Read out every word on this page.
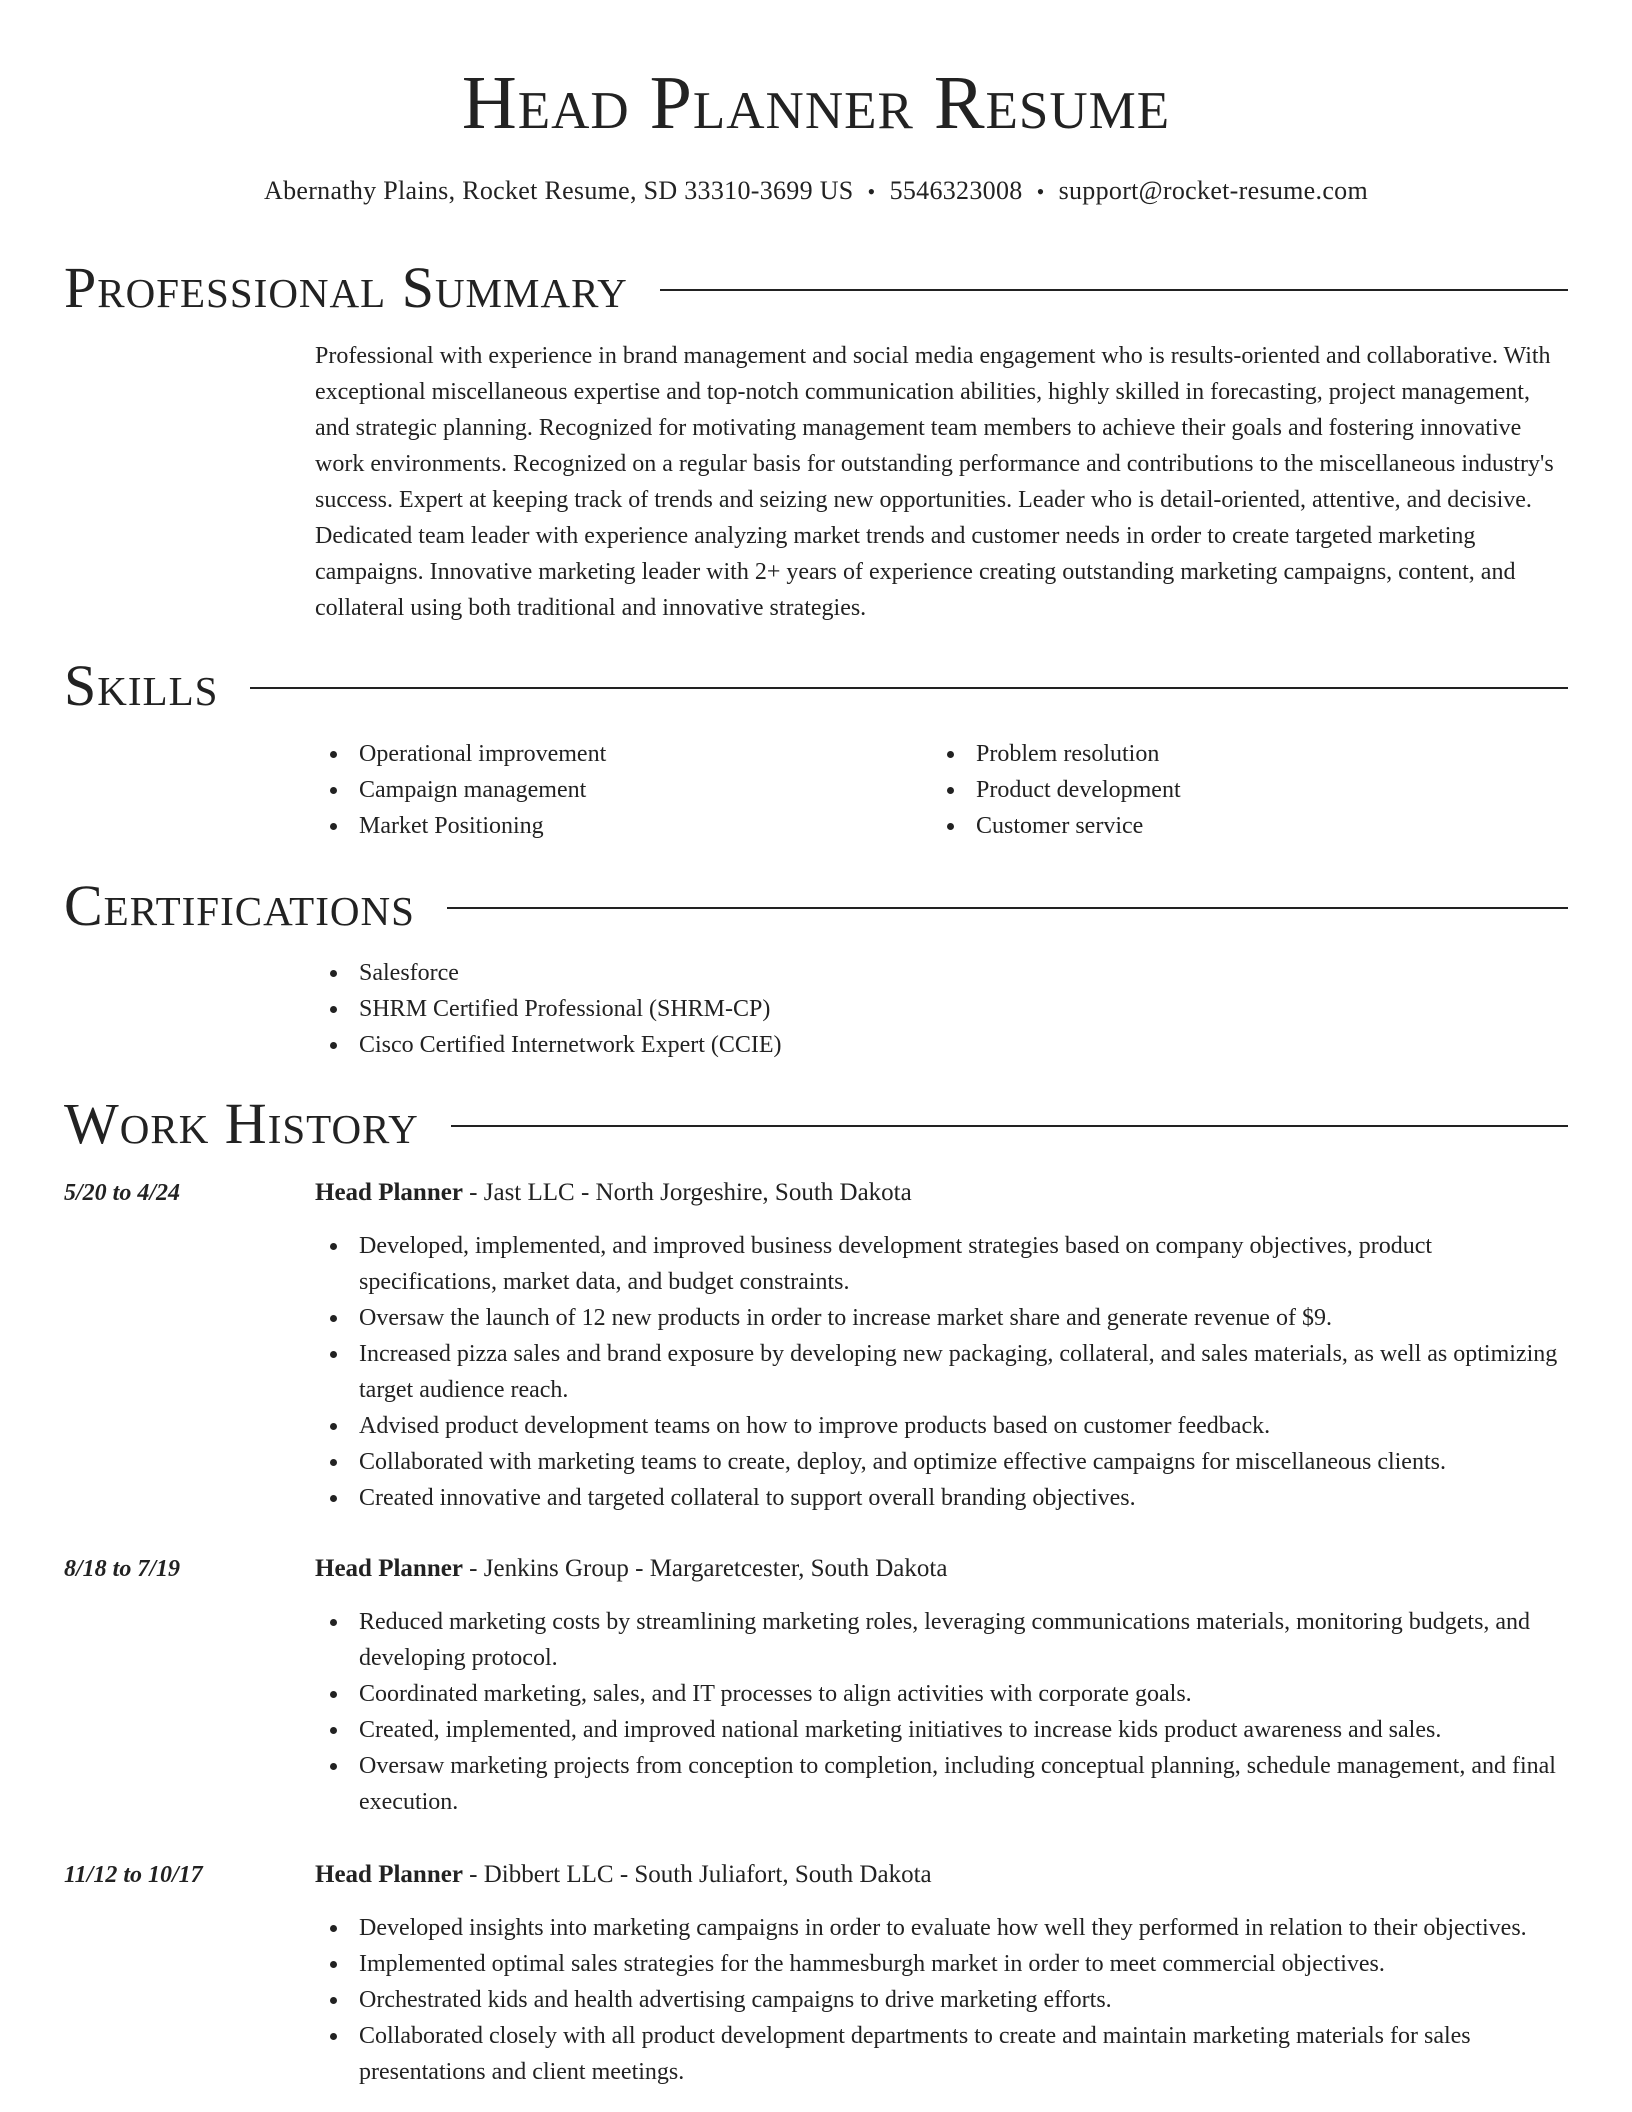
Head Planner Resume
Abernathy Plains, Rocket Resume, SD 33310-3699 US • 5546323008 • support@rocket-resume.com
Professional Summary

Professional with experience in brand management and social media engagement who is results-oriented and collaborative. With exceptional miscellaneous expertise and top-notch communication abilities, highly skilled in forecasting, project management, and strategic planning. Recognized for motivating management team members to achieve their goals and fostering innovative work environments. Recognized on a regular basis for outstanding performance and contributions to the miscellaneous industry's success. Expert at keeping track of trends and seizing new opportunities. Leader who is detail-oriented, attentive, and decisive. Dedicated team leader with experience analyzing market trends and customer needs in order to create targeted marketing campaigns. Innovative marketing leader with 2+ years of experience creating outstanding marketing campaigns, content, and collateral using both traditional and innovative strategies.

Skills
Operational improvement
Campaign management
Market Positioning
Problem resolution
Product development
Customer service
Certifications
Salesforce
SHRM Certified Professional (SHRM-CP)
Cisco Certified Internetwork Expert (CCIE)
Work History
5/20 to 4/24	Head Planner - Jast LLC - North Jorgeshire, South Dakota
Developed, implemented, and improved business development strategies based on company objectives, product specifications, market data, and budget constraints.
Oversaw the launch of 12 new products in order to increase market share and generate revenue of $9.
Increased pizza sales and brand exposure by developing new packaging, collateral, and sales materials, as well as optimizing target audience reach.
Advised product development teams on how to improve products based on customer feedback.
Collaborated with marketing teams to create, deploy, and optimize effective campaigns for miscellaneous clients.
Created innovative and targeted collateral to support overall branding objectives.
8/18 to 7/19	Head Planner - Jenkins Group - Margaretcester, South Dakota
Reduced marketing costs by streamlining marketing roles, leveraging communications materials, monitoring budgets, and developing protocol.
Coordinated marketing, sales, and IT processes to align activities with corporate goals.
Created, implemented, and improved national marketing initiatives to increase kids product awareness and sales.
Oversaw marketing projects from conception to completion, including conceptual planning, schedule management, and final execution.
11/12 to 10/17	Head Planner - Dibbert LLC - South Juliafort, South Dakota
Developed insights into marketing campaigns in order to evaluate how well they performed in relation to their objectives.
Implemented optimal sales strategies for the hammesburgh market in order to meet commercial objectives.
Orchestrated kids and health advertising campaigns to drive marketing efforts.
Collaborated closely with all product development departments to create and maintain marketing materials for sales presentations and client meetings.
